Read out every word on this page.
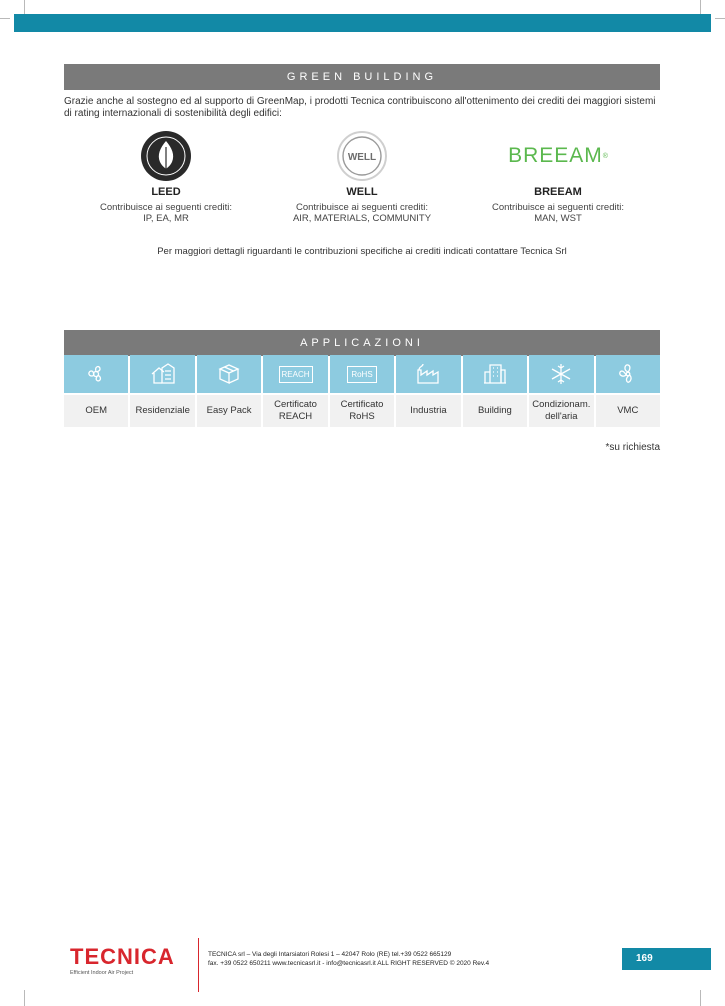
GREEN BUILDING
Grazie anche al sostegno ed al supporto di GreenMap, i prodotti Tecnica contribuiscono all'ottenimento dei crediti dei maggiori sistemi di rating internazionali di sostenibilità degli edifici:
LEED
Contribuisce ai seguenti crediti:
IP, EA, MR
WELL
WELL
Contribuisce ai seguenti crediti:
AIR, MATERIALS, COMMUNITY
BREEAM ®
BREEAM
Contribuisce ai seguenti crediti:
MAN, WST
Per maggiori dettagli riguardanti le contribuzioni specifiche ai crediti indicati contattare Tecnica Srl
APPLICAZIONI
OEM	Residenziale	Easy Pack
REACH
Certificato REACH
RoHS
Certificato RoHS
Industria	Building
Condizionam. dell'aria
VMC
*su richiesta
TECNICA
Efficient Indoor Air Project
TECNICA srl – Via degli Intarsiatori Rolesi 1 – 42047 Rolo (RE) tel.+39 0522 665129
fax. +39 0522 650211 www.tecnicasrl.it - info@tecnicasrl.it ALL RIGHT RESERVED © 2020 Rev.4	169
